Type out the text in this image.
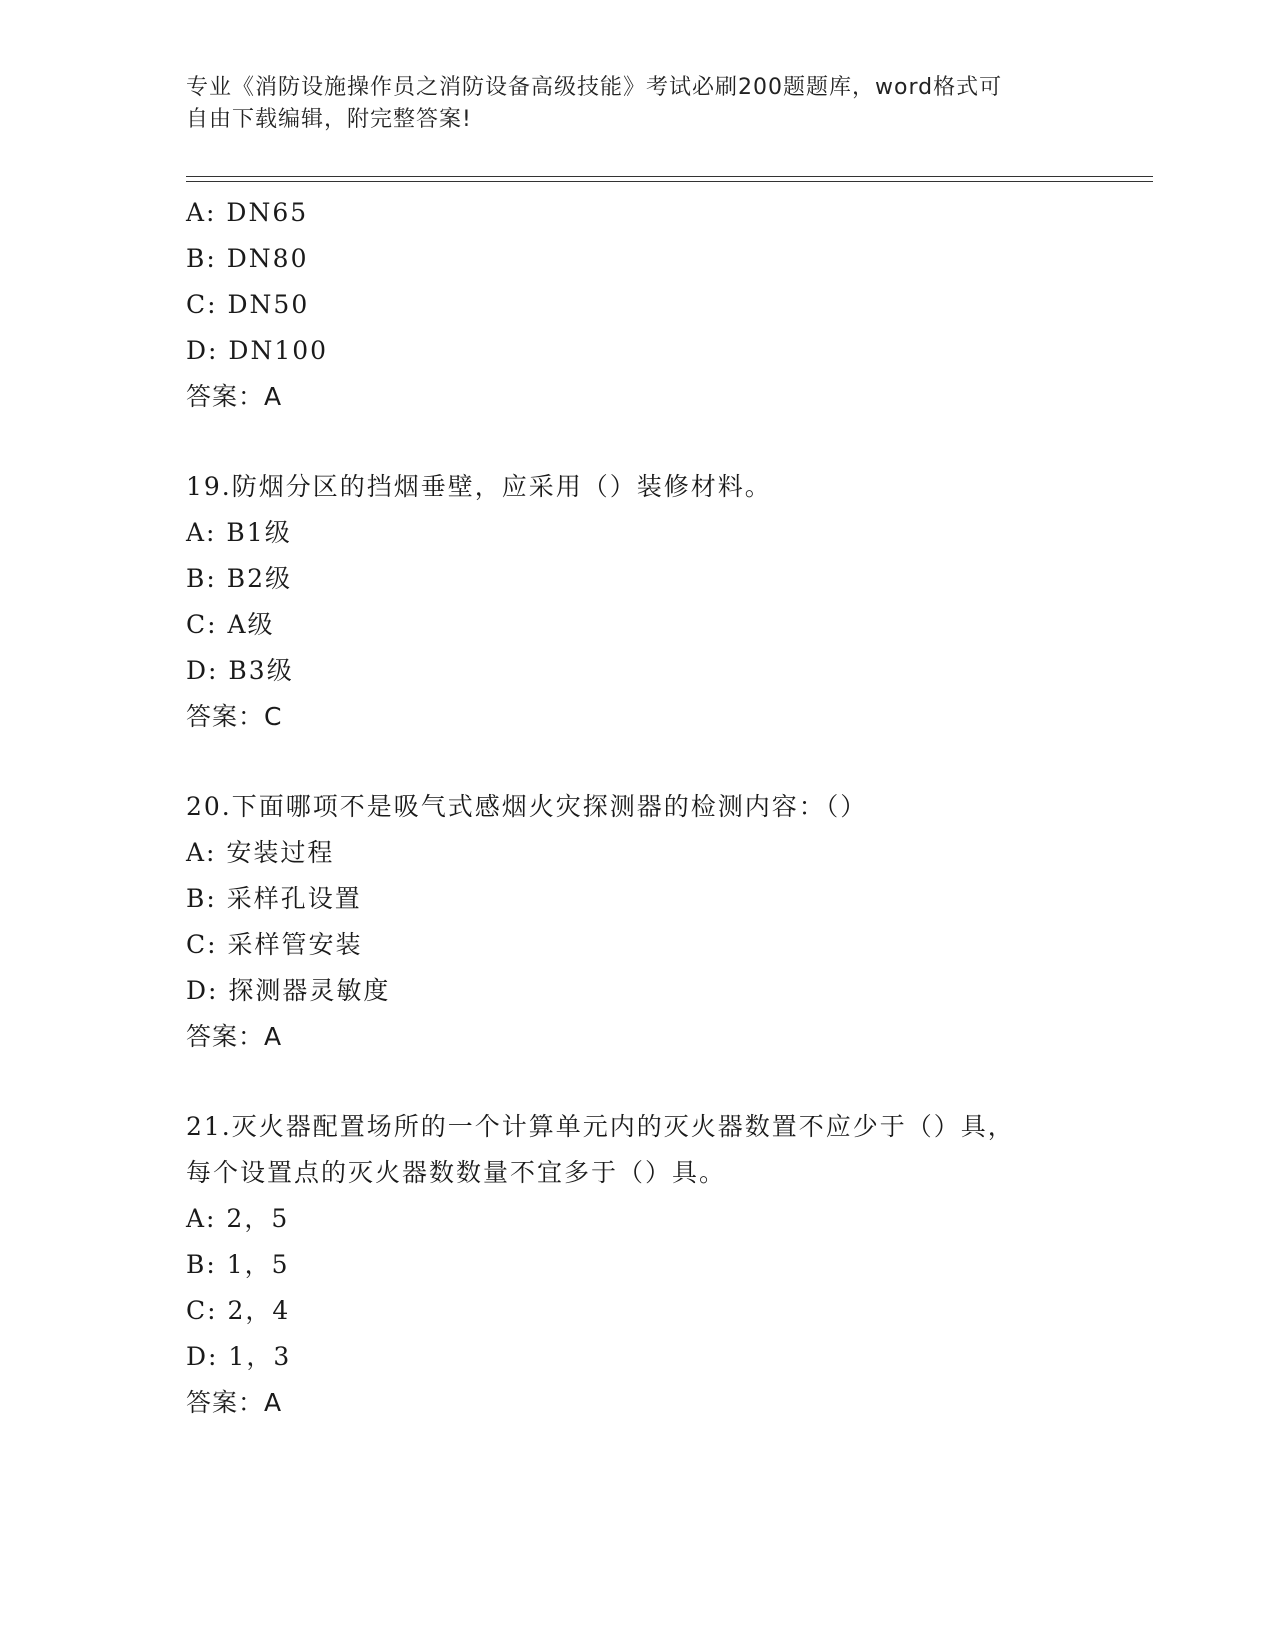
专业《消防设施操作员之消防设备高级技能》考试必刷200题题库，word格式可
自由下载编辑，附完整答案!
A: DN65
B: DN80
C: DN50
D: DN100
答案：A
19.防烟分区的挡烟垂壁，应采用（）装修材料。
A: B1级
B: B2级
C: A级
D: B3级
答案：C
20.下面哪项不是吸气式感烟火灾探测器的检测内容：（）
A: 安装过程
B: 采样孔设置
C: 采样管安装
D: 探测器灵敏度
答案：A
21.灭火器配置场所的一个计算单元内的灭火器数置不应少于（）具，
每个设置点的灭火器数数量不宜多于（）具。
A: 2，5
B: 1，5
C: 2，4
D: 1，3
答案：A
